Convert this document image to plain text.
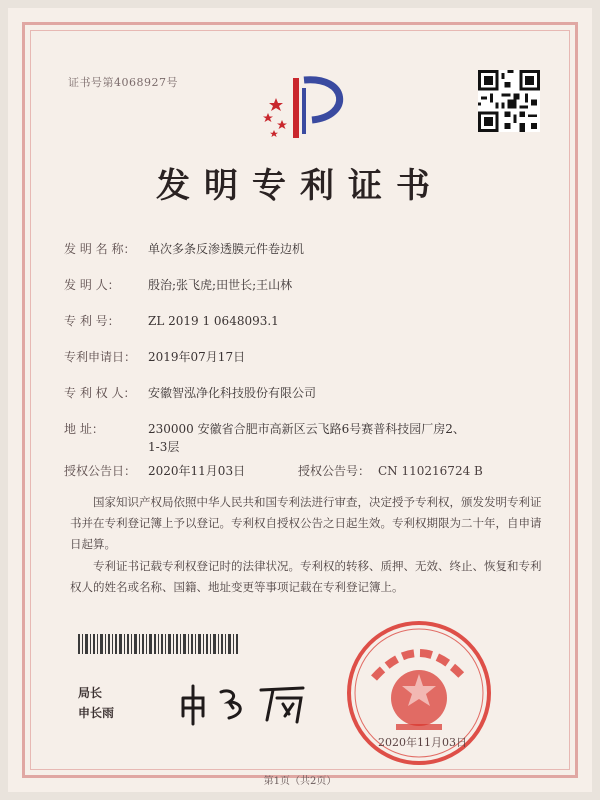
证书号第4068927号
发明专利证书
发 明 名 称： 单次多条反渗透膜元件卷边机
发 明 人： 殷治;张飞虎;田世长;王山林
专 利 号： ZL 2019 1 0648093.1
专利申请日： 2019年07月17日
专 利 权 人： 安徽智泓净化科技股份有限公司
地 址：	230000 安徽省合肥市高新区云飞路6号赛普科技园厂房2、
1-3层
授权公告日： 2020年11月03日	授权公告号： CN 110216724 B
国家知识产权局依照中华人民共和国专利法进行审查，决定授予专利权，颁发发明专利证书并在专利登记簿上予以登记。专利权自授权公告之日起生效。专利权期限为二十年，自申请日起算。
专利证书记载专利权登记时的法律状况。专利权的转移、质押、无效、终止、恢复和专利权人的姓名或名称、国籍、地址变更等事项记载在专利登记簿上。
局长
申长雨
2020年11月03日
第1页（共2页）
